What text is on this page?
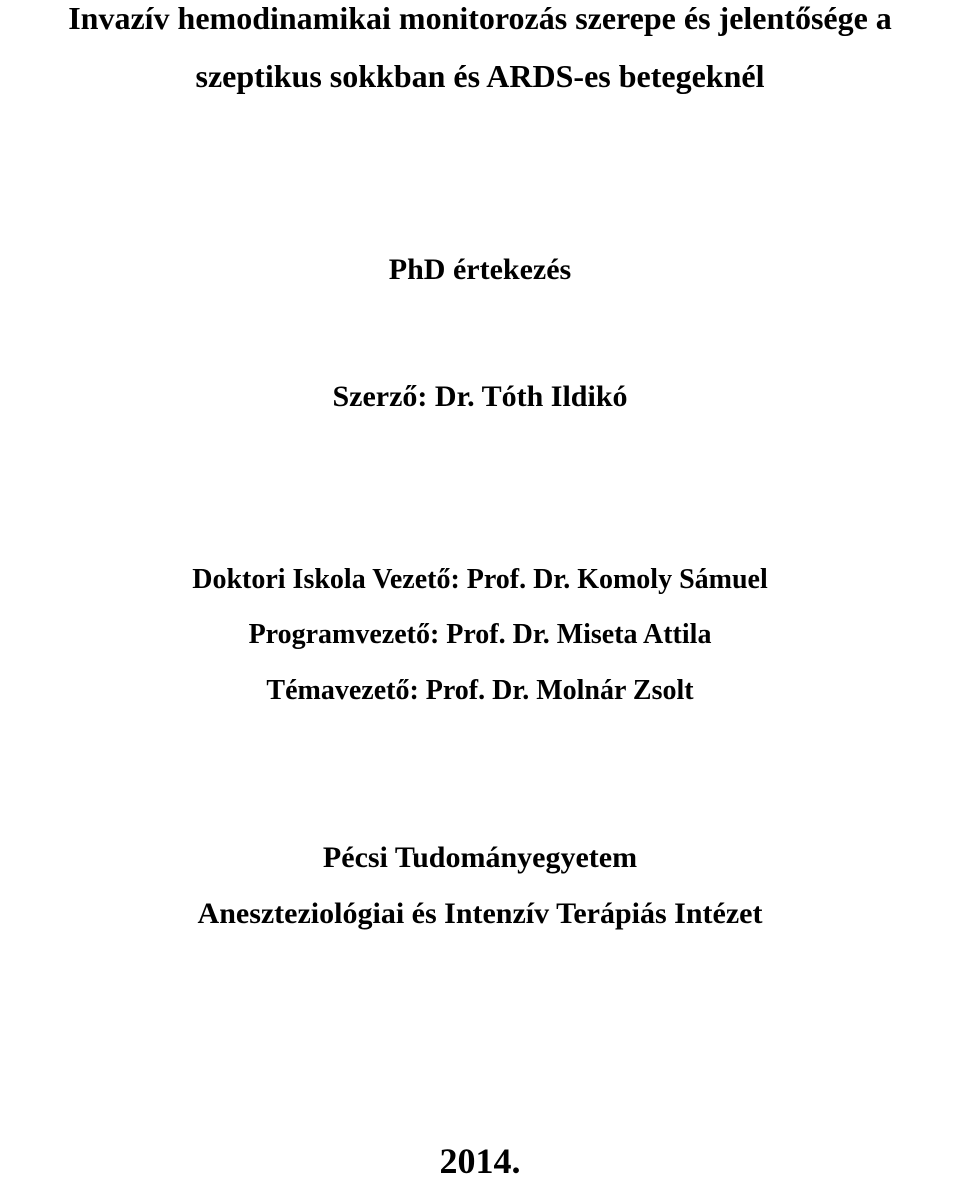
Invazív hemodinamikai monitorozás szerepe és jelentősége a
szeptikus sokkban és ARDS-es betegeknél
PhD értekezés
Szerző: Dr. Tóth Ildikó
Doktori Iskola Vezető: Prof. Dr. Komoly Sámuel
Programvezető: Prof. Dr. Miseta Attila
Témavezető: Prof. Dr. Molnár Zsolt
Pécsi Tudományegyetem
Aneszteziológiai és Intenzív Terápiás Intézet
2014.
